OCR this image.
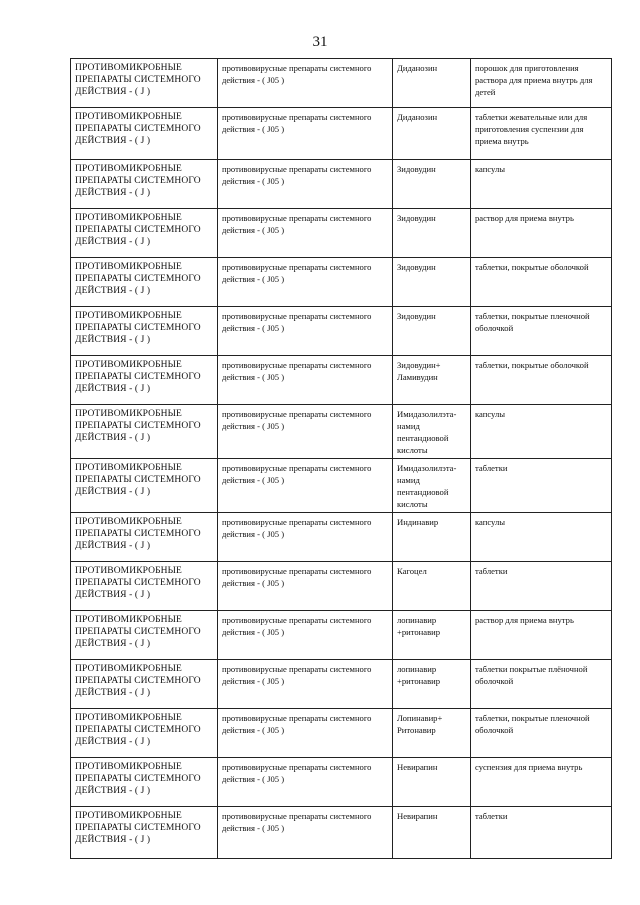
31
ПРОТИВОМИКРОБНЫЕ ПРЕПАРАТЫ СИСТЕМНОГО ДЕЙСТВИЯ - ( J )	противовирусные препараты системного действия - ( J05 )	Диданозин	порошок для приготовления раствора для приема внутрь для детей
ПРОТИВОМИКРОБНЫЕ ПРЕПАРАТЫ СИСТЕМНОГО ДЕЙСТВИЯ - ( J )	противовирусные препараты системного действия - ( J05 )	Диданозин	таблетки жевательные или для приготовления суспензии для приема внутрь
ПРОТИВОМИКРОБНЫЕ ПРЕПАРАТЫ СИСТЕМНОГО ДЕЙСТВИЯ - ( J )	противовирусные препараты системного действия - ( J05 )	Зидовудин	капсулы
ПРОТИВОМИКРОБНЫЕ ПРЕПАРАТЫ СИСТЕМНОГО ДЕЙСТВИЯ - ( J )	противовирусные препараты системного действия - ( J05 )	Зидовудин	раствор для приема внутрь
ПРОТИВОМИКРОБНЫЕ ПРЕПАРАТЫ СИСТЕМНОГО ДЕЙСТВИЯ - ( J )	противовирусные препараты системного действия - ( J05 )	Зидовудин	таблетки, покрытые оболочкой
ПРОТИВОМИКРОБНЫЕ ПРЕПАРАТЫ СИСТЕМНОГО ДЕЙСТВИЯ - ( J )	противовирусные препараты системного действия - ( J05 )	Зидовудин	таблетки, покрытые пленочной оболочкой
ПРОТИВОМИКРОБНЫЕ ПРЕПАРАТЫ СИСТЕМНОГО ДЕЙСТВИЯ - ( J )	противовирусные препараты системного действия - ( J05 )	Зидовудин+ Ламивудин	таблетки, покрытые оболочкой
ПРОТИВОМИКРОБНЫЕ ПРЕПАРАТЫ СИСТЕМНОГО ДЕЙСТВИЯ - ( J )	противовирусные препараты системного действия - ( J05 )	Имидазолилэта-намид пентандиовой кислоты	капсулы
ПРОТИВОМИКРОБНЫЕ ПРЕПАРАТЫ СИСТЕМНОГО ДЕЙСТВИЯ - ( J )	противовирусные препараты системного действия - ( J05 )	Имидазолилэта-намид пентандиовой кислоты	таблетки
ПРОТИВОМИКРОБНЫЕ ПРЕПАРАТЫ СИСТЕМНОГО ДЕЙСТВИЯ - ( J )	противовирусные препараты системного действия - ( J05 )	Индинавир	капсулы
ПРОТИВОМИКРОБНЫЕ ПРЕПАРАТЫ СИСТЕМНОГО ДЕЙСТВИЯ - ( J )	противовирусные препараты системного действия - ( J05 )	Кагоцел	таблетки
ПРОТИВОМИКРОБНЫЕ ПРЕПАРАТЫ СИСТЕМНОГО ДЕЙСТВИЯ - ( J )	противовирусные препараты системного действия - ( J05 )	лопинавир +ритонавир	раствор для приема внутрь
ПРОТИВОМИКРОБНЫЕ ПРЕПАРАТЫ СИСТЕМНОГО ДЕЙСТВИЯ - ( J )	противовирусные препараты системного действия - ( J05 )	лопинавир +ритонавир	таблетки покрытые плёночной оболочкой
ПРОТИВОМИКРОБНЫЕ ПРЕПАРАТЫ СИСТЕМНОГО ДЕЙСТВИЯ - ( J )	противовирусные препараты системного действия - ( J05 )	Лопинавир+ Ритонавир	таблетки, покрытые пленочной оболочкой
ПРОТИВОМИКРОБНЫЕ ПРЕПАРАТЫ СИСТЕМНОГО ДЕЙСТВИЯ - ( J )	противовирусные препараты системного действия - ( J05 )	Невирапин	суспензия для приема внутрь
ПРОТИВОМИКРОБНЫЕ ПРЕПАРАТЫ СИСТЕМНОГО ДЕЙСТВИЯ - ( J )	противовирусные препараты системного действия - ( J05 )	Невирапин	таблетки
